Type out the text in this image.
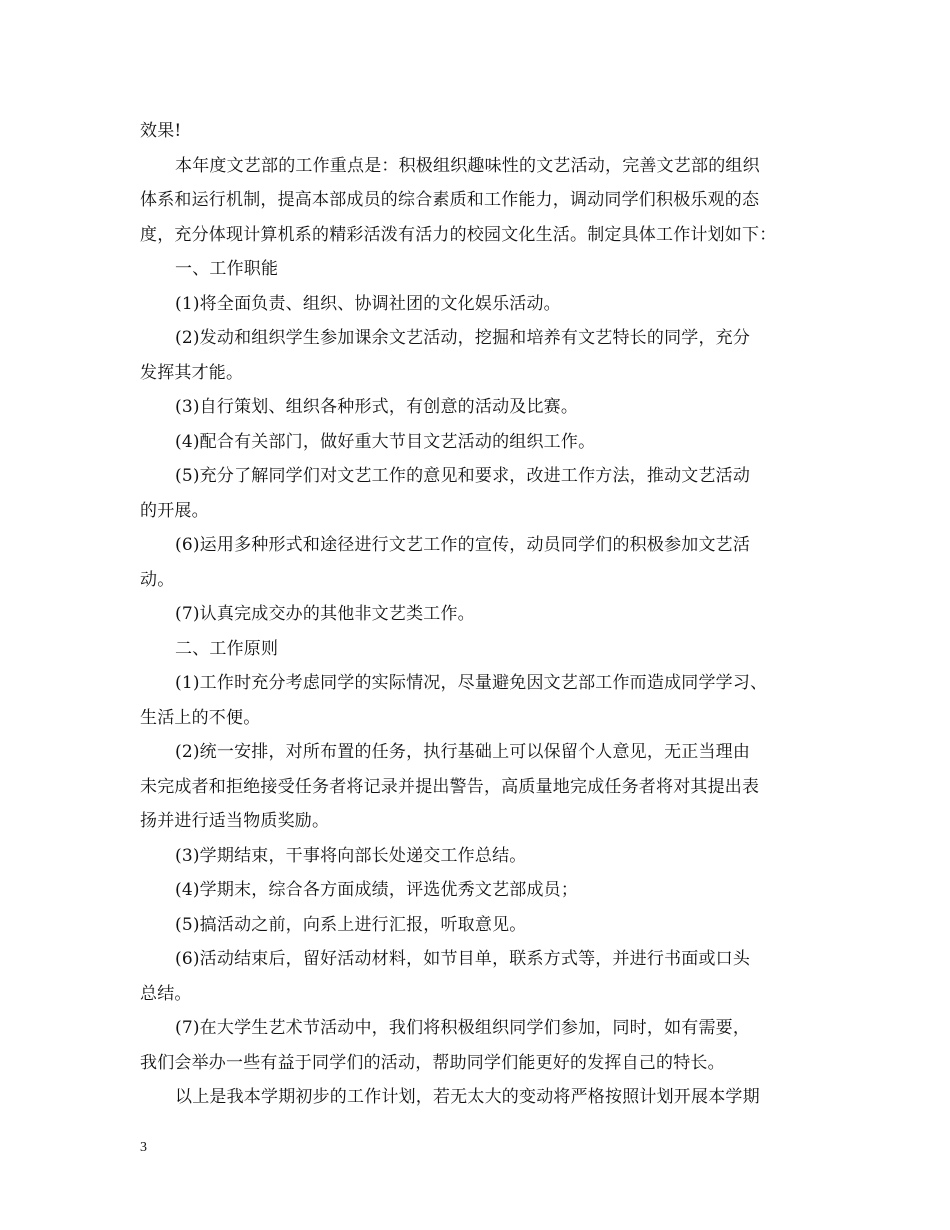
效果!
本年度文艺部的工作重点是：积极组织趣味性的文艺活动，完善文艺部的组织
体系和运行机制，提高本部成员的综合素质和工作能力，调动同学们积极乐观的态
度，充分体现计算机系的精彩活泼有活力的校园文化生活。制定具体工作计划如下：
一、工作职能
(1)将全面负责、组织、协调社团的文化娱乐活动。
(2)发动和组织学生参加课余文艺活动，挖掘和培养有文艺特长的同学，充分
发挥其才能。
(3)自行策划、组织各种形式，有创意的活动及比赛。
(4)配合有关部门，做好重大节目文艺活动的组织工作。
(5)充分了解同学们对文艺工作的意见和要求，改进工作方法，推动文艺活动
的开展。
(6)运用多种形式和途径进行文艺工作的宣传，动员同学们的积极参加文艺活
动。
(7)认真完成交办的其他非文艺类工作。
二、工作原则
(1)工作时充分考虑同学的实际情况，尽量避免因文艺部工作而造成同学学习、
生活上的不便。
(2)统一安排，对所布置的任务，执行基础上可以保留个人意见，无正当理由
未完成者和拒绝接受任务者将记录并提出警告，高质量地完成任务者将对其提出表
扬并进行适当物质奖励。
(3)学期结束，干事将向部长处递交工作总结。
(4)学期末，综合各方面成绩，评选优秀文艺部成员；
(5)搞活动之前，向系上进行汇报，听取意见。
(6)活动结束后，留好活动材料，如节目单，联系方式等，并进行书面或口头
总结。
(7)在大学生艺术节活动中，我们将积极组织同学们参加，同时，如有需要，
我们会举办一些有益于同学们的活动，帮助同学们能更好的发挥自己的特长。
以上是我本学期初步的工作计划，若无太大的变动将严格按照计划开展本学期
3
